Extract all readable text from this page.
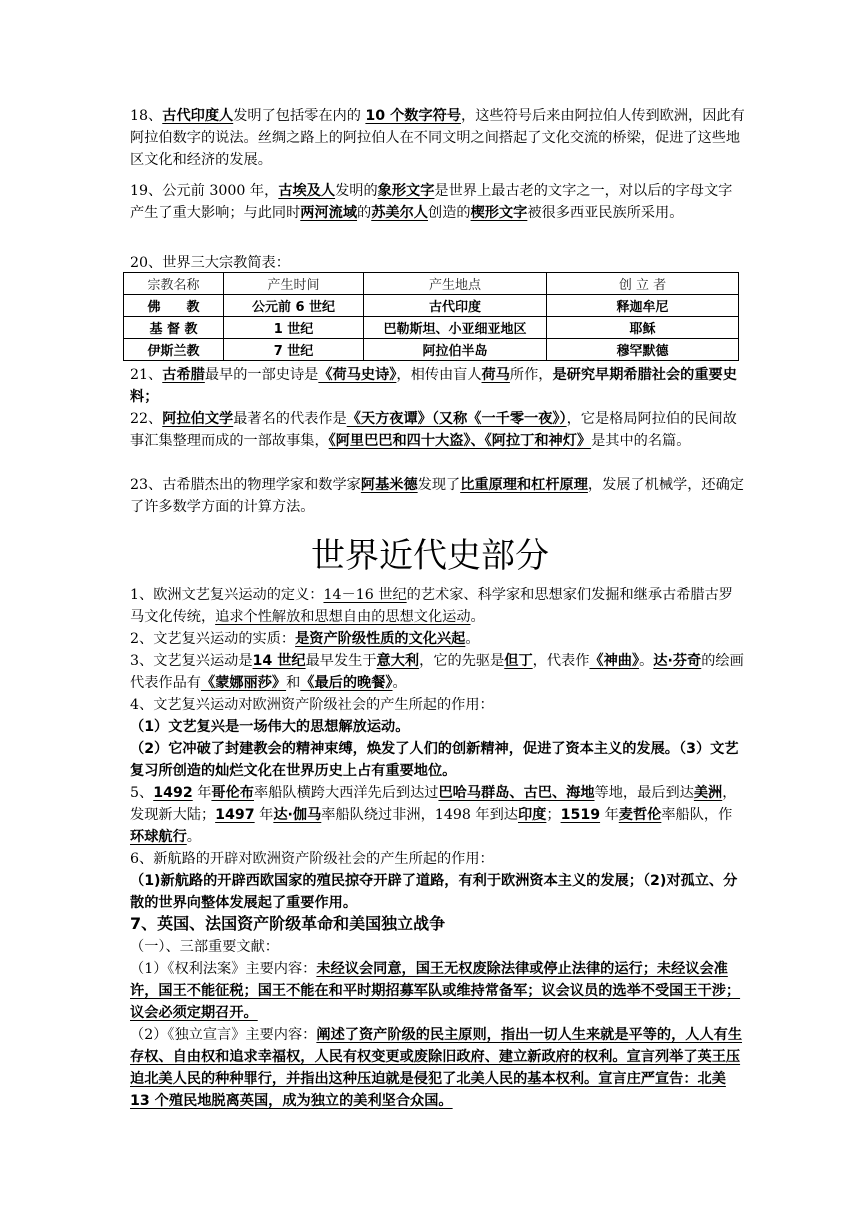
18、古代印度人发明了包括零在内的 10 个数字符号，这些符号后来由阿拉伯人传到欧洲，因此有阿拉伯数字的说法。丝绸之路上的阿拉伯人在不同文明之间搭起了文化交流的桥梁，促进了这些地区文化和经济的发展。
19、公元前 3000 年，古埃及人发明的象形文字是世界上最古老的文字之一，对以后的字母文字产生了重大影响；与此同时两河流域的苏美尔人创造的楔形文字被很多西亚民族所采用。
20、世界三大宗教简表：
宗教名称	产生时间	产生地点	创 立 者
佛　　教	公元前 6 世纪	古代印度	释迦牟尼
基 督 教	1 世纪	巴勒斯坦、小亚细亚地区	耶稣
伊斯兰教	7 世纪	阿拉伯半岛	穆罕默德
21、古希腊最早的一部史诗是《荷马史诗》，相传由盲人荷马所作，是研究早期希腊社会的重要史料；
22、阿拉伯文学最著名的代表作是《天方夜谭》（又称《一千零一夜》），它是格局阿拉伯的民间故事汇集整理而成的一部故事集，《阿里巴巴和四十大盗》、《阿拉丁和神灯》是其中的名篇。
23、古希腊杰出的物理学家和数学家阿基米德发现了比重原理和杠杆原理，发展了机械学，还确定了许多数学方面的计算方法。
世界近代史部分
1、欧洲文艺复兴运动的定义：14－16 世纪的艺术家、科学家和思想家们发掘和继承古希腊古罗马文化传统，追求个性解放和思想自由的思想文化运动。
2、文艺复兴运动的实质：是资产阶级性质的文化兴起。
3、文艺复兴运动是14 世纪最早发生于意大利，它的先驱是但丁，代表作《神曲》。达·芬奇的绘画代表作品有《蒙娜丽莎》和《最后的晚餐》。
4、文艺复兴运动对欧洲资产阶级社会的产生所起的作用：
（1）文艺复兴是一场伟大的思想解放运动。
（2）它冲破了封建教会的精神束缚，焕发了人们的创新精神，促进了资本主义的发展。（3）文艺复习所创造的灿烂文化在世界历史上占有重要地位。
5、1492 年哥伦布率船队横跨大西洋先后到达过巴哈马群岛、古巴、海地等地，最后到达美洲，发现新大陆；1497 年达·伽马率船队绕过非洲，1498 年到达印度；1519 年麦哲伦率船队，作环球航行。
6、新航路的开辟对欧洲资产阶级社会的产生所起的作用：
（1)新航路的开辟西欧国家的殖民掠夺开辟了道路，有利于欧洲资本主义的发展；（2)对孤立、分散的世界向整体发展起了重要作用。
7、英国、法国资产阶级革命和美国独立战争
（一）、三部重要文献：
（1）《权利法案》主要内容：未经议会同意，国王无权废除法律或停止法律的运行；未经议会准许，国王不能征税；国王不能在和平时期招募军队或维持常备军；议会议员的选举不受国王干涉；议会必须定期召开。
（2）《独立宣言》主要内容：阐述了资产阶级的民主原则，指出一切人生来就是平等的，人人有生存权、自由权和追求幸福权，人民有权变更或废除旧政府、建立新政府的权利。宣言列举了英王压迫北美人民的种种罪行，并指出这种压迫就是侵犯了北美人民的基本权利。宣言庄严宣告：北美 13 个殖民地脱离英国，成为独立的美利坚合众国。
